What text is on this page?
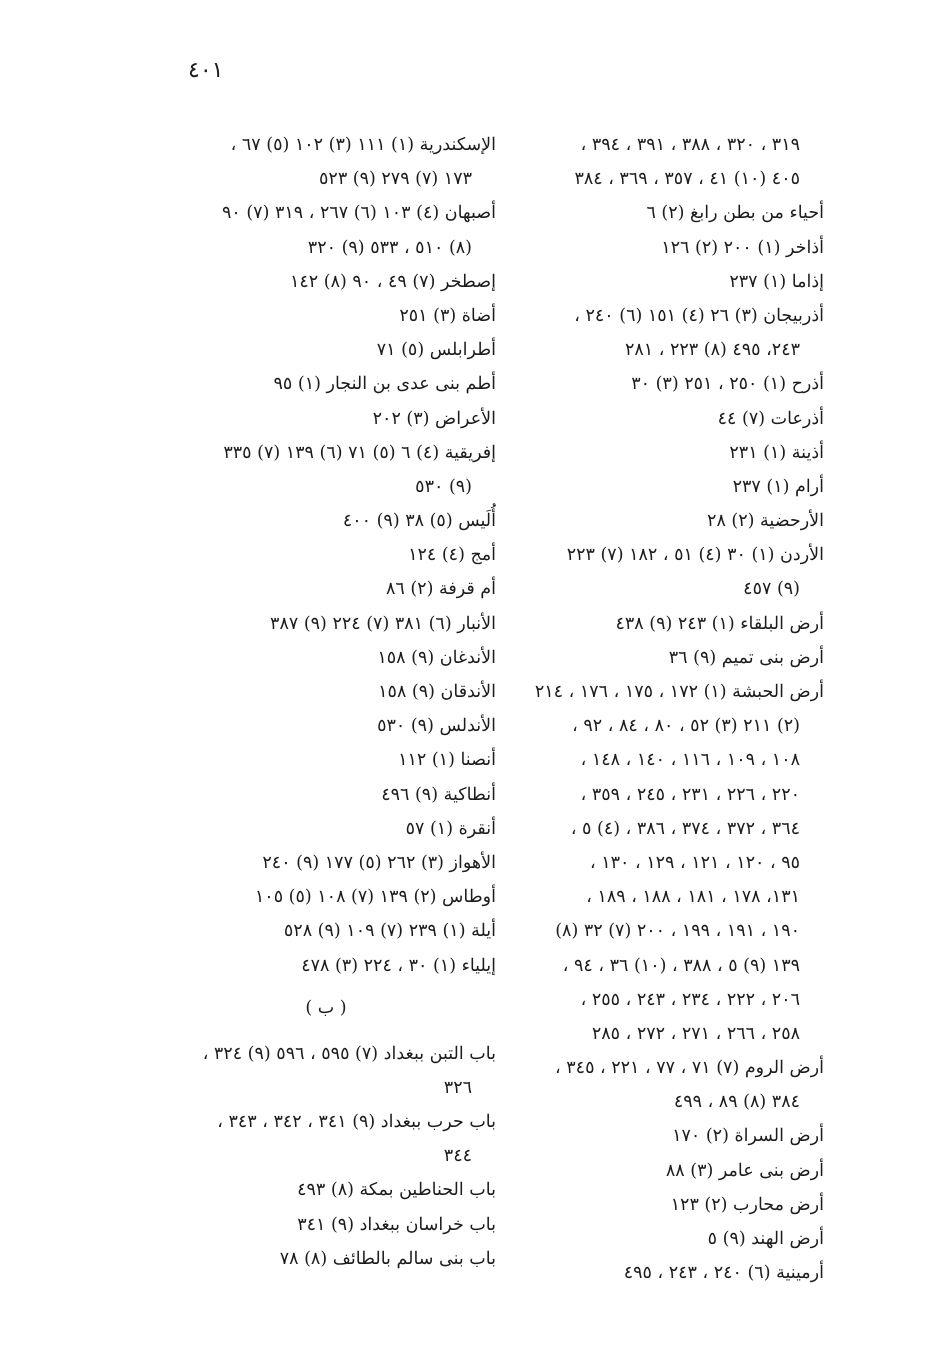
٤٠١
٣١٩ ، ٣٢٠ ، ٣٨٨ ، ٣٩١ ، ٣٩٤ ،
٤٠٥ (١٠) ٤١ ، ٣٥٧ ، ٣٦٩ ، ٣٨٤
أحياء من بطن رابغ (٢) ٦
أذاخر (١) ٢٠٠ (٢) ١٢٦
إذاما (١) ٢٣٧
أذربيجان (٣) ٢٦ (٤) ١٥١ (٦) ٢٤٠ ،
٢٤٣، ٤٩٥ (٨) ٢٢٣ ، ٢٨١
أذرح (١) ٢٥٠ ، ٢٥١ (٣) ٣٠
أذرعات (٧) ٤٤
أذينة (١) ٢٣١
أرام (١) ٢٣٧
الأرحضية (٢) ٢٨
الأردن (١) ٣٠ (٤) ٥١ ، ١٨٢ (٧) ٢٢٣
(٩) ٤٥٧
أرض البلقاء (١) ٢٤٣ (٩) ٤٣٨
أرض بنى تميم (٩) ٣٦
أرض الحبشة (١) ١٧٢ ، ١٧٥ ، ١٧٦ ، ٢١٤
(٢) ٢١١ (٣) ٥٢ ، ٨٠ ، ٨٤ ، ٩٢ ،
١٠٨ ، ١٠٩ ، ١١٦ ، ١٤٠ ، ١٤٨ ،
٢٢٠ ، ٢٢٦ ، ٢٣١ ، ٢٤٥ ، ٣٥٩ ،
٣٦٤ ، ٣٧٢ ، ٣٧٤ ، ٣٨٦ ، (٤) ٥ ،
٩٥ ، ١٢٠ ، ١٢١ ، ١٢٩ ، ١٣٠ ،
١٣١، ١٧٨ ، ١٨١ ، ١٨٨ ، ١٨٩ ،
١٩٠ ، ١٩١ ، ١٩٩ ، ٢٠٠ (٧) ٣٢ (٨)
١٣٩ (٩) ٥ ، ٣٨٨ ، (١٠) ٣٦ ، ٩٤ ،
٢٠٦ ، ٢٢٢ ، ٢٣٤ ، ٢٤٣ ، ٢٥٥ ،
٢٥٨ ، ٢٦٦ ، ٢٧١ ، ٢٧٢ ، ٢٨٥
أرض الروم (٧) ٧١ ، ٧٧ ، ٢٢١ ، ٣٤٥ ،
٣٨٤ (٨) ٨٩ ، ٤٩٩
أرض السراة (٢) ١٧٠
أرض بنى عامر (٣) ٨٨
أرض محارب (٢) ١٢٣
أرض الهند (٩) ٥
أرمينية (٦) ٢٤٠ ، ٢٤٣ ، ٤٩٥
الإسكندرية (١) ١١١ (٣) ١٠٢ (٥) ٦٧ ،
١٧٣ (٧) ٢٧٩ (٩) ٥٢٣
أصبهان (٤) ١٠٣ (٦) ٢٦٧ ، ٣١٩ (٧) ٩٠
(٨) ٥١٠ ، ٥٣٣ (٩) ٣٢٠
إصطخر (٧) ٤٩ ، ٩٠ (٨) ١٤٢
أضاة (٣) ٢٥١
أطرابلس (٥) ٧١
أطم بنى عدى بن النجار (١) ٩٥
الأعراض (٣) ٢٠٢
إفريقية (٤) ٦ (٥) ٧١ (٦) ١٣٩ (٧) ٣٣٥
(٩) ٥٣٠
أُلَيس (٥) ٣٨ (٩) ٤٠٠
أمج (٤) ١٢٤
أم قرفة (٢) ٨٦
الأنبار (٦) ٣٨١ (٧) ٢٢٤ (٩) ٣٨٧
الأندغان (٩) ١٥٨
الأندقان (٩) ١٥٨
الأندلس (٩) ٥٣٠
أنصنا (١) ١١٢
أنطاكية (٩) ٤٩٦
أنقرة (١) ٥٧
الأهواز (٣) ٢٦٢ (٥) ١٧٧ (٩) ٢٤٠
أوطاس (٢) ١٣٩ (٧) ١٠٨ (٥) ١٠٥
أيلة (١) ٢٣٩ (٧) ١٠٩ (٩) ٥٢٨
إيلياء (١) ٣٠ ، ٢٢٤ (٣) ٤٧٨
( ب )
باب التبن ببغداد (٧) ٥٩٥ ، ٥٩٦ (٩) ٣٢٤ ،
٣٢٦
باب حرب ببغداد (٩) ٣٤١ ، ٣٤٢ ، ٣٤٣ ،
٣٤٤
باب الحناطين بمكة (٨) ٤٩٣
باب خراسان ببغداد (٩) ٣٤١
باب بنى سالم بالطائف (٨) ٧٨
